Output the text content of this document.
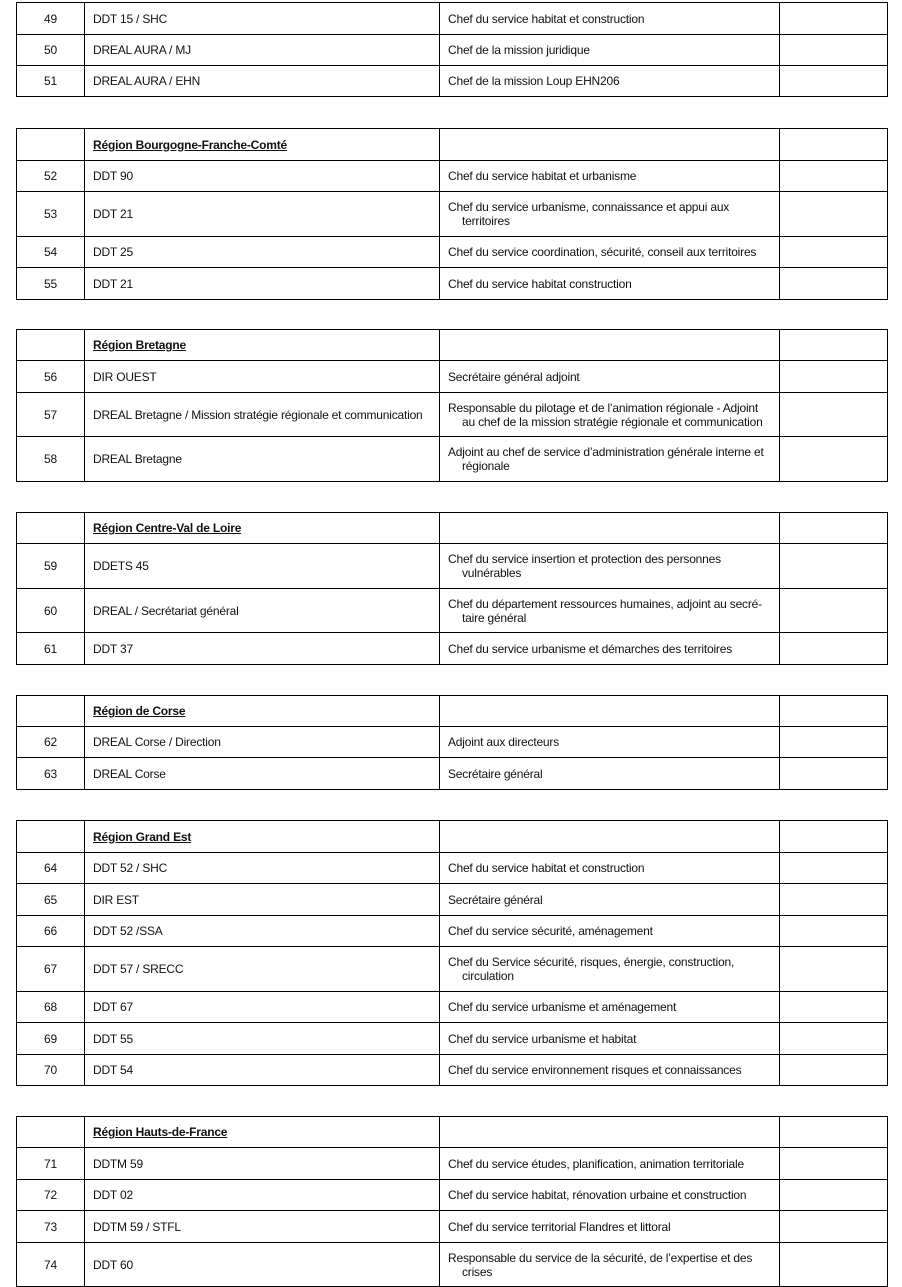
49	DDT 15 / SHC	Chef du service habitat et construction	

50	DREAL AURA / MJ	Chef de la mission juridique	

51	DREAL AURA / EHN	Chef de la mission Loup EHN206	

	Région Bourgogne-Franche-Comté		
52	DDT 90	Chef du service habitat et urbanisme	

53	DDT 21	Chef du service urbanisme, connaissance et appui aux
territoires	

54	DDT 25	Chef du service coordination, sécurité, conseil aux territoires	

55	DDT 21	Chef du service habitat construction	

	Région Bretagne		
56	DIR OUEST	Secrétaire général adjoint	

57	DREAL Bretagne / Mission stratégie régionale et communication	Responsable du pilotage et de l’animation régionale - Adjoint
au chef de la mission stratégie régionale et communication	

58	DREAL Bretagne	Adjoint au chef de service d’administration générale interne et
régionale	

	Région Centre-Val de Loire		
59	DDETS 45	Chef du service insertion et protection des personnes
vulnérables	

60	DREAL / Secrétariat général	Chef du département ressources humaines, adjoint au secré-
taire général	

61	DDT 37	Chef du service urbanisme et démarches des territoires	

	Région de Corse		
62	DREAL Corse / Direction	Adjoint aux directeurs	

63	DREAL Corse	Secrétaire général	

	Région Grand Est		
64	DDT 52 / SHC	Chef du service habitat et construction	

65	DIR EST	Secrétaire général	

66	DDT 52 /SSA	Chef du service sécurité, aménagement	

67	DDT 57 / SRECC	Chef du Service sécurité, risques, énergie, construction,
circulation	

68	DDT 67	Chef du service urbanisme et aménagement	

69	DDT 55	Chef du service urbanisme et habitat	

70	DDT 54	Chef du service environnement risques et connaissances	

	Région Hauts-de-France		
71	DDTM 59	Chef du service études, planification, animation territoriale	

72	DDT 02	Chef du service habitat, rénovation urbaine et construction	

73	DDTM 59 / STFL	Chef du service territorial Flandres et littoral	

74	DDT 60	Responsable du service de la sécurité, de l’expertise et des
crises	
